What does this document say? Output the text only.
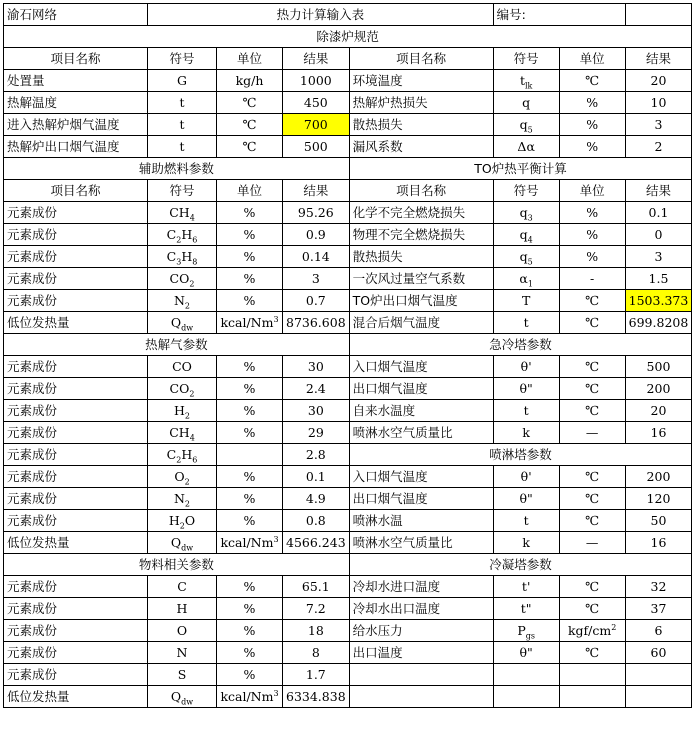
渝石网络	热力计算输入表				编号:		
除漆炉规范							
项目名称	符号	单位	结果	项目名称	符号	单位	结果
处置量	G	kg/h	1000	环境温度	$t_{lk}$	℃	20
热解温度	t	℃	450	热解炉热损失	q	%	10
进入热解炉烟气温度	t	℃	700	散热损失	$q_5$	%	3
热解炉出口烟气温度	t	℃	500	漏风系数	Δα	%	2
辅助燃料参数				TO炉热平衡计算			
项目名称	符号	单位	结果	项目名称	符号	单位	结果
元素成份	$CH_4$	%	95.26	化学不完全燃烧损失	$q_3$	%	0.1
元素成份	$C_2H_6$	%	0.9	物理不完全燃烧损失	$q_4$	%	0
元素成份	$C_3H_8$	%	0.14	散热损失	$q_5$	%	3
元素成份	$CO_2$	%	3	一次风过量空气系数	$\alpha_1$	-	1.5
元素成份	$N_2$	%	0.7	TO炉出口烟气温度	T	℃	1503.373
低位发热量	$Q_{dw}$	kcal/Nm$^3$	8736.608	混合后烟气温度	t	℃	699.8208
热解气参数				急冷塔参数			
元素成份	CO	%	30	入口烟气温度	θ'	℃	500
元素成份	$CO_2$	%	2.4	出口烟气温度	θ"	℃	200
元素成份	$H_2$	%	30	自来水温度	t	℃	20
元素成份	$CH_4$	%	29	喷淋水空气质量比	k	—	16
元素成份	$C_2H_6$		2.8	喷淋塔参数			
元素成份	$O_2$	%	0.1	入口烟气温度	θ'	℃	200
元素成份	$N_2$	%	4.9	出口烟气温度	θ"	℃	120
元素成份	$H_2O$	%	0.8	喷淋水温	t	℃	50
低位发热量	$Q_{dw}$	kcal/Nm$^3$	4566.243	喷淋水空气质量比	k	—	16
物料相关参数				冷凝塔参数			
元素成份	C	%	65.1	冷却水进口温度	t'	℃	32
元素成份	H	%	7.2	冷却水出口温度	t"	℃	37
元素成份	O	%	18	给水压力	$P_{gs}$	kgf/$cm^2$	6
元素成份	N	%	8	出口温度	θ"	℃	60
元素成份	S	%	1.7				
低位发热量	$Q_{dw}$	kcal/Nm$^3$	6334.838				
